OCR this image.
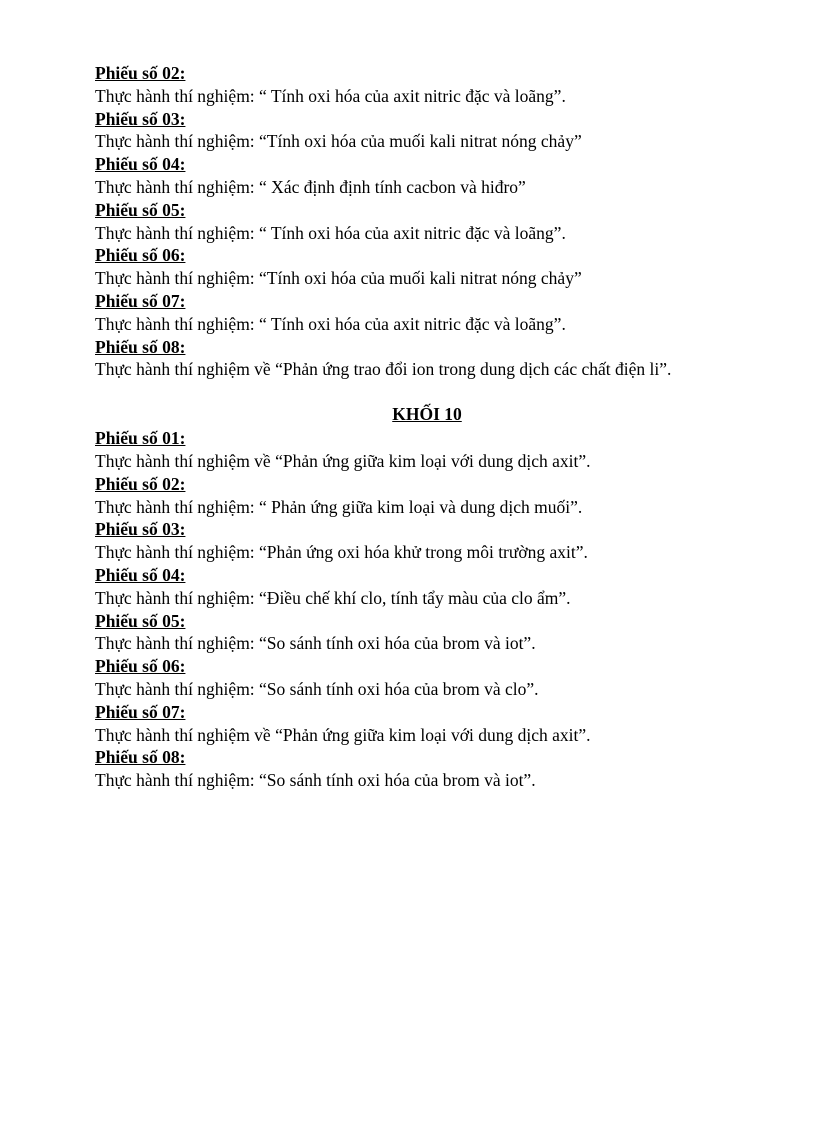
Phiếu số 02:
Thực hành thí nghiệm: “ Tính oxi hóa của axit nitric đặc và loãng”.
Phiếu số 03:
Thực hành thí nghiệm: “Tính oxi hóa của muối kali nitrat nóng chảy”
Phiếu số 04:
Thực hành thí nghiệm: “ Xác định định tính cacbon và hiđro”
Phiếu số 05:
Thực hành thí nghiệm: “ Tính oxi hóa của axit nitric đặc và loãng”.
Phiếu số 06:
Thực hành thí nghiệm: “Tính oxi hóa của muối kali nitrat nóng chảy”
Phiếu số 07:
Thực hành thí nghiệm: “ Tính oxi hóa của axit nitric đặc và loãng”.
Phiếu số 08:
Thực hành thí nghiệm về “Phản ứng trao đổi ion trong dung dịch các chất điện li”.
KHỐI 10
Phiếu số 01:
Thực hành thí nghiệm về “Phản ứng giữa kim loại với dung dịch axit”.
Phiếu số 02:
Thực hành thí nghiệm: “ Phản ứng giữa kim loại và dung dịch muối”.
Phiếu số 03:
Thực hành thí nghiệm: “Phản ứng oxi hóa khử trong môi trường axit”.
Phiếu số 04:
Thực hành thí nghiệm: “Điều chế khí clo, tính tẩy màu của clo ẩm”.
Phiếu số 05:
Thực hành thí nghiệm: “So sánh tính oxi hóa của brom và iot”.
Phiếu số 06:
Thực hành thí nghiệm: “So sánh tính oxi hóa của brom và clo”.
Phiếu số 07:
Thực hành thí nghiệm về “Phản ứng giữa kim loại với dung dịch axit”.
Phiếu số 08:
Thực hành thí nghiệm: “So sánh tính oxi hóa của brom và iot”.
